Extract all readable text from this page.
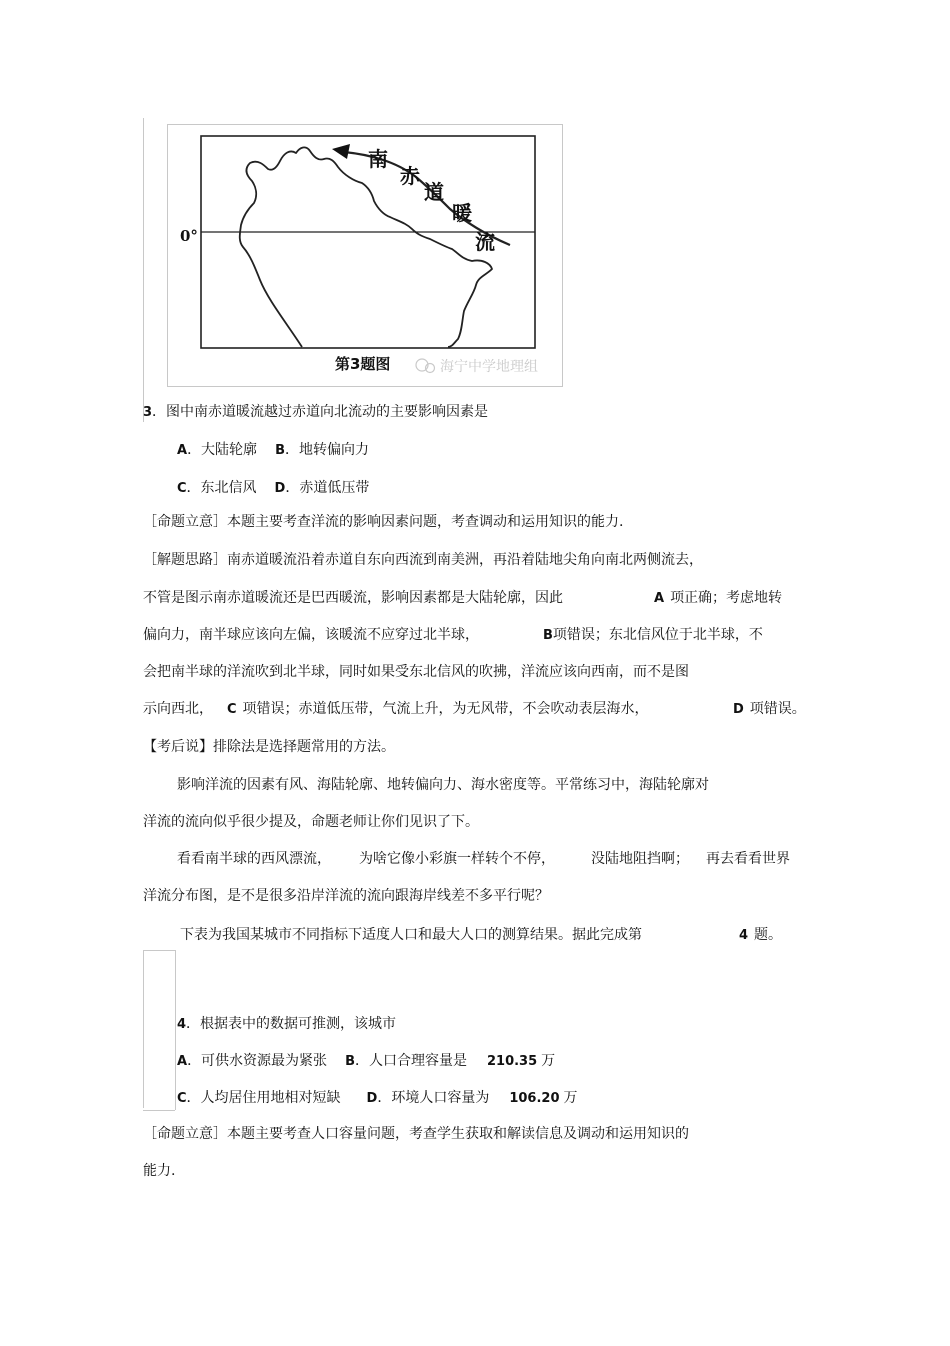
南
赤
道
暖
流
0°
第3题图	海宁中学地理组
3．图中南赤道暖流越过赤道向北流动的主要影响因素是
A．大陆轮廓 B．地转偏向力
C．东北信风 D．赤道低压带
［命题立意］本题主要考查洋流的影响因素问题，考查调动和运用知识的能力.
［解题思路］南赤道暖流沿着赤道自东向西流到南美洲，再沿着陆地尖角向南北两侧流去，
不管是图示南赤道暖流还是巴西暖流，影响因素都是大陆轮廓，因此	A 项正确；考虑地转
偏向力，南半球应该向左偏，该暖流不应穿过北半球，	B项错误；东北信风位于北半球，不
会把南半球的洋流吹到北半球，同时如果受东北信风的吹拂，洋流应该向西南，而不是图
示向西北， C 项错误；赤道低压带，气流上升，为无风带，不会吹动表层海水，	D 项错误。
【考后说】排除法是选择题常用的方法。
影响洋流的因素有风、海陆轮廓、地转偏向力、海水密度等。平常练习中，海陆轮廓对
洋流的流向似乎很少提及，命题老师让你们见识了下。
看看南半球的西风漂流， 为啥它像小彩旗一样转个不停，	没陆地阻挡啊； 再去看看世界
洋流分布图，是不是很多沿岸洋流的流向跟海岸线差不多平行呢？
下表为我国某城市不同指标下适度人口和最大人口的测算结果。据此完成第	4 题。
4．根据表中的数据可推测，该城市
A．可供水资源最为紧张 B．人口合理容量是 210.35 万
C．人均居住用地相对短缺 D．环境人口容量为 106.20 万
［命题立意］本题主要考查人口容量问题，考查学生获取和解读信息及调动和运用知识的
能力.
